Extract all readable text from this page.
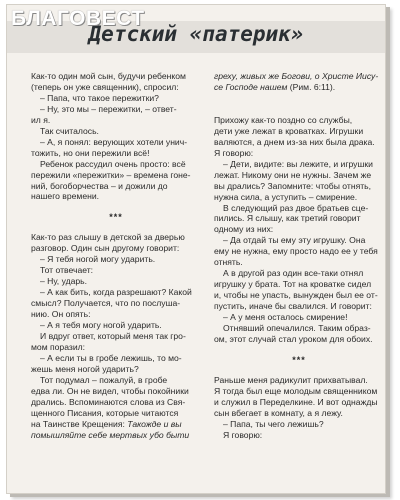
БЛАГОВЕСТ
Детский «патерик»

Как-то один мой сын, будучи ребенком

(теперь он уже священник), спросил:

– Папа, что такое пережитки?

– Ну, это мы – пережитки, – ответ-

ил я.

Так считалось.

– А, я понял: верующих хотели унич-

тожить, но они пережили всё!

Ребенок рассудил очень просто: всё

пережили «пережитки» – времена гоне-

ний, богоборчества – и дожили до

нашего времени.

***

Как-то раз слышу в детской за дверью

разговор. Один сын другому говорит:

– Я тебя ногой могу ударить.

Тот отвечает:

– Ну, ударь.

– А как бить, когда разрешают? Какой

смысл? Получается, что по послуша-

нию. Он опять:

– А я тебя могу ногой ударить.

И вдруг ответ, который меня так гро-

мом поразил:

– А если ты в гробе лежишь, то мо-

жешь меня ногой ударить?

Тот подумал – пожалуй, в гробе

едва ли. Он не видел, чтобы покойники

дрались. Вспоминаются слова из Свя-

щенного Писания, которые читаются

на Таинстве Крещения: Такожде и вы

помышляйте себе мертвых убо быти

греху, живых же Богови, о Христе Иису-

се Господе нашем (Рим. 6:11).

Прихожу как-то поздно со службы,

дети уже лежат в кроватках. Игрушки

валяются, а днем из-за них была драка.

Я говорю:

– Дети, видите: вы лежите, и игрушки

лежат. Никому они не нужны. Зачем же

вы дрались? Запомните: чтобы отнять,

нужна сила, а уступить – смирение.

В следующий раз двое братьев сце-

пились. Я слышу, как третий говорит

одному из них:

– Да отдай ты ему эту игрушку. Она

ему не нужна, ему просто надо ее у тебя

отнять.

А в другой раз один все-таки отнял

игрушку у брата. Тот на кроватке сидел

и, чтобы не упасть, вынужден был ее от-

пустить, иначе бы свалился. И говорит:

– А у меня осталось смирение!

Отнявший опечалился. Таким образ-

ом, этот случай стал уроком для обоих.

***

Раньше меня радикулит прихватывал.

Я тогда был еще молодым священником

и служил в Переделкине. И вот однажды

сын вбегает в комнату, а я лежу.

– Папа, ты чего лежишь?

Я говорю:
